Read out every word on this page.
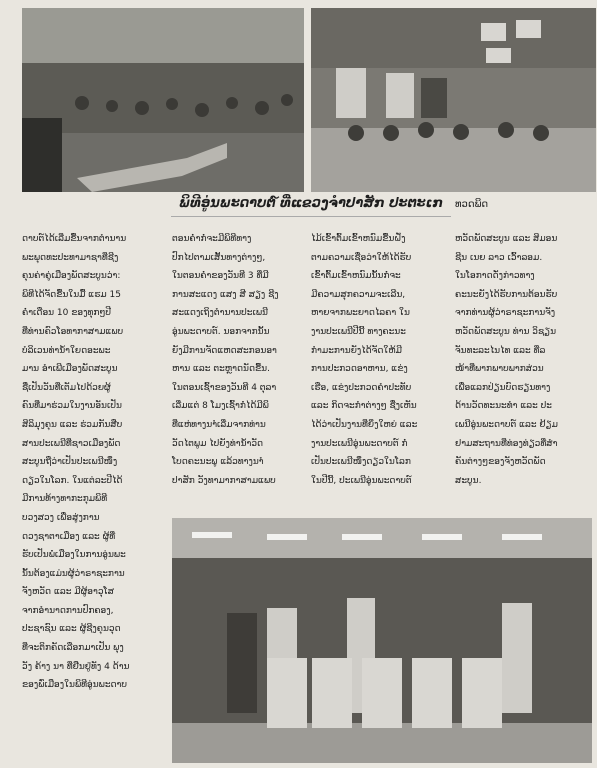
ພິທີອູ່ນພະດາບຕ໌ ທີ່ແຂວງຈຳປາສັກ ປະຕະເກ	ທວດພິດ

ດາບຕ໌ໄດ້ເລີ່ມຂື້ນຈາກຕຳນານ

ພະພຸດທະປະທາມາຊາທີ່ຊີງ

ຄຸນຄ່າຄູ່ເມືອງພັດສະບູນວ່າ:

ພິທີໄດ້ຈັດຂື້ນໃນມື້ ແຮມ 15

ຄ່ຳເດືອນ 10 ຂອງທຸກໆປີ

ທີ່ທ່ານຄົວໂອທາກາສາມແພບ

ບໍລິເວນທ່ານໍ້າໃຍດອະພະ

ມານ ອໍາເພີເມືອງພັດສະບູນ

ຊື່ເປັນວັນທີ່ເຕັມໄປດ້ວຍຜູ້

ຄົນທີ່ມາຮ່ວມໃນງານອັນເປັນ

ສິລິມຸງຄຸນ ແລະ ຮ່ວມກັນສືບ

ສານປະເພນີທີ່ຊາວເມືອງພັດ

ສະບູນຖືວ່າເປັນປະເພນີໜຶ່ງ

ດຽວໃນໂລກ. ໃນແຕ່ລະປີໄດ້

ມີການທ້າງທາກະກຸມພິທີ

ບວງສວງ ເພື່ອສູ່ງການ

ດວງຊາຕາເມືອງ ແລະ ຜູ້ທີ່

ຮັບເປັນພໍ່ເມືອງໃນການອູ່ນພະ

ນັ້ນຕ້ອງແມ່ນຜູ້ວ່າຣາຊະການ

ຈັງຫວັດ ແລະ ມີຜູ້ອາວຸໂສ

ຈາກອຳນາດການປົກຄອງ,

ປະຊາຊົນ ແລະ ຜູ້ຊີງຄຸນວຸດ

ທີ່ຈະຕິກຄັດເລືອກມາເປັນ ພຸງ

ວັງ ຄ້າງ ນາ ທີ່ຢືນຢູ່ທັງ 4 ດ້ານ

ຂອງພົ່ເມືອງໃນພິທີອູ່ນພະດາບ

ຕອນຄ່ຳກໍ່ຈະມີພິທີທາງ

ປົກໄປຕາມເສັ້ນທາງຕ່າງໆ,

ໃນຕອນຄ່ຳຂອງວັນທີ 3 ທີ່ມີ

ການສະແດງ ແສງ ສີ ສຽງ ຊີງ

ສະແດງເຖິງຕຳນານປະເພນີ

ອູ່ນພະດາບຕ໌. ນອກຈາກນັ້ນ

ຍັງມີການຈັດແຫດສະກອນອາ

ຫານ ແລະ ຕະຫຼາດນັດຂື້ນ.

ໃນຕອນເຊົ້າຂອງວັນທີ 4 ຕຸລາ

ເລີ່ມແຕ່ 8 ໂມງເຊົ້າກໍ່ໄດ້ມີພິ

ທີ່ແຫ່ທາງນາໍເລີ່ມຈາກທ່ານ

ວັດໄຕພູມ ໄປຍັງທ່ານໍ້າວັດ

ໂບດຄະນະພູ ແລ້ວທາງນາໍ

ປາສັກ ວັງທາມາກາສາມແພບ

ໄມ້ເຂົ້າຕົ້ມເຂົ້າຫນົມຂື້ນຝັ່ງ

ຕາມຄວາມເຊື່ອວ່າໃຫ້ໄດ້ຮັບ

ເຂົ້າຕົ້ມເຂົ້າຫນົມນັ້ນກໍ່ຈະ

ມີຄວາມສຸກຄວາມຈະເລີນ,

ຫາຍຈາກພະຍາດໄລຄາ ໃນ

ງານປະເພນີປີນີ້ ທາງຄະນະ

ກຳມະການຍັງໄດ້ຈັດໃຫ້ມີ

ການປະກວດອາຫານ, ແຂ່ງ

ເຮືອ, ແຂ່ງປະກວດຄຳປະທັບ

ແລະ ກິດຈະກຳຕ່າງໆ ຊື່ງເຫັນ

ໄດ້ວ່າເປັນງານທີ່ຍິ່ງໃຫຍ່ ແລະ

ງານປະເພນີອູ່ນພະດາບຕ໌ ກໍ່

ເປັນປະເພນີໜຶ່ງດຽວໃນໂລກ

ໃນປີນີ້, ປະເພນີອູ່ນພະດາບຕ໌

ຫວັດພັດສະບູນ ແລະ ສິມອນ

ຊີນ ເນຍ ລາວ ເວົ້າລອມ.

ໃນໂອກາດດັ່ງກ່າວທາງ

ຄະນະຍັງໄດ້ຮັບການຕ້ອນຮັບ

ຈາກທ່ານຜູ້ວ່າຣາຊະການຈັງ

ຫວັດພັດສະບູນ ທ່ານ ວິຊຽນ

ຈັນທະລະໄນໄທ ແລະ ທີ່ລ

ໜ້າທີ່ພາກພາບພາກສ່ວນ

ເພື່ອແລກປ່ຽນບົດຮຽນທາງ

ດ້ານວັດທະນະທຳ ແລະ ປະ

ເພນີອູ່ນພະດາບຕ໌ ແລະ ຢ້ຽມ

ຢາມສະຖານທີ່ທ່ອງທ່ຽວທີ່ສຳ

ຄັນຕ່າງໆຂອງຈັງຫວັດພັດ

ສະບູນ.
